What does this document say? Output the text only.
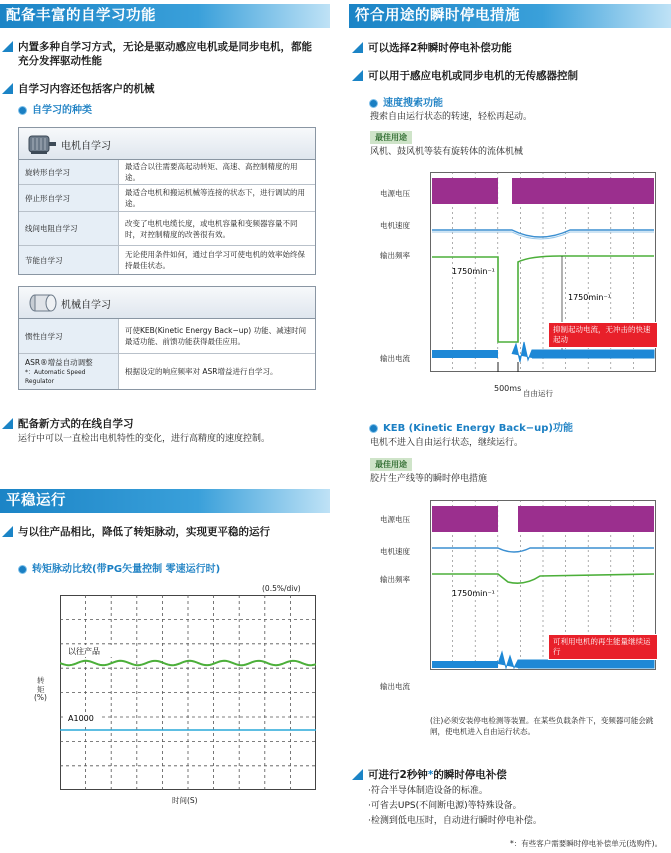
配备丰富的自学习功能
内置多种自学习方式，无论是驱动感应电机或是同步电机，都能充分发挥驱动性能
自学习内容还包括客户的机械
自学习的种类
电机自学习
旋转形自学习
最适合以往需要高起动转矩、高速、高控制精度的用途。
停止形自学习
最适合电机和搬运机械等连接的状态下，进行调试的用途。
线间电阻自学习
改变了电机电缆长度，或电机容量和变频器容量不同时，对控制精度的改善很有效。
节能自学习
无论使用条件如何，通过自学习可使电机的效率始终保持最佳状态。
机械自学习
惯性自学习
可使KEB(Kinetic Energy Back−up) 功能、减速时间最适功能、前馈功能获得最佳应用。
ASR®增益自动调整
*：Automatic Speed Regulator
根据设定的响应频率对 ASR增益进行自学习。
配备新方式的在线自学习
运行中可以一直检出电机特性的变化，进行高精度的速度控制。
平稳运行
与以往产品相比，降低了转矩脉动，实现更平稳的运行
转矩脉动比较(带PG矢量控制 零速运行时)
(0.5%/div)
转
矩
(%)
以往产品
A1000
时间(S)
符合用途的瞬时停电措施
可以选择2种瞬时停电补偿功能
可以用于感应电机或同步电机的无传感器控制
速度搜索功能
搜索自由运行状态的转速，轻松再起动。
最佳用途
风机、鼓风机等装有旋转体的流体机械
电源电压
电机速度
输出频率
输出电流
1750min⁻¹
1750min⁻¹
抑制起动电流，无冲击的快速起动
500ms
自由运行
KEB (Kinetic Energy Back−up)功能
电机不进入自由运行状态，继续运行。
最佳用途
胶片生产线等的瞬时停电措施
电源电压
电机速度
输出频率
输出电流
1750min⁻¹
可利用电机的再生能量继续运行
(注)必须安装停电检测等装置。在某些负载条件下，变频器可能会跳闸，使电机进入自由运行状态。
可进行2秒钟*的瞬时停电补偿
·符合半导体制造设备的标准。
·可省去UPS(不间断电源)等特殊设备。
·检测到低电压时，自动进行瞬时停电补偿。
*：有些客户需要瞬时停电补偿单元(选购件)。
